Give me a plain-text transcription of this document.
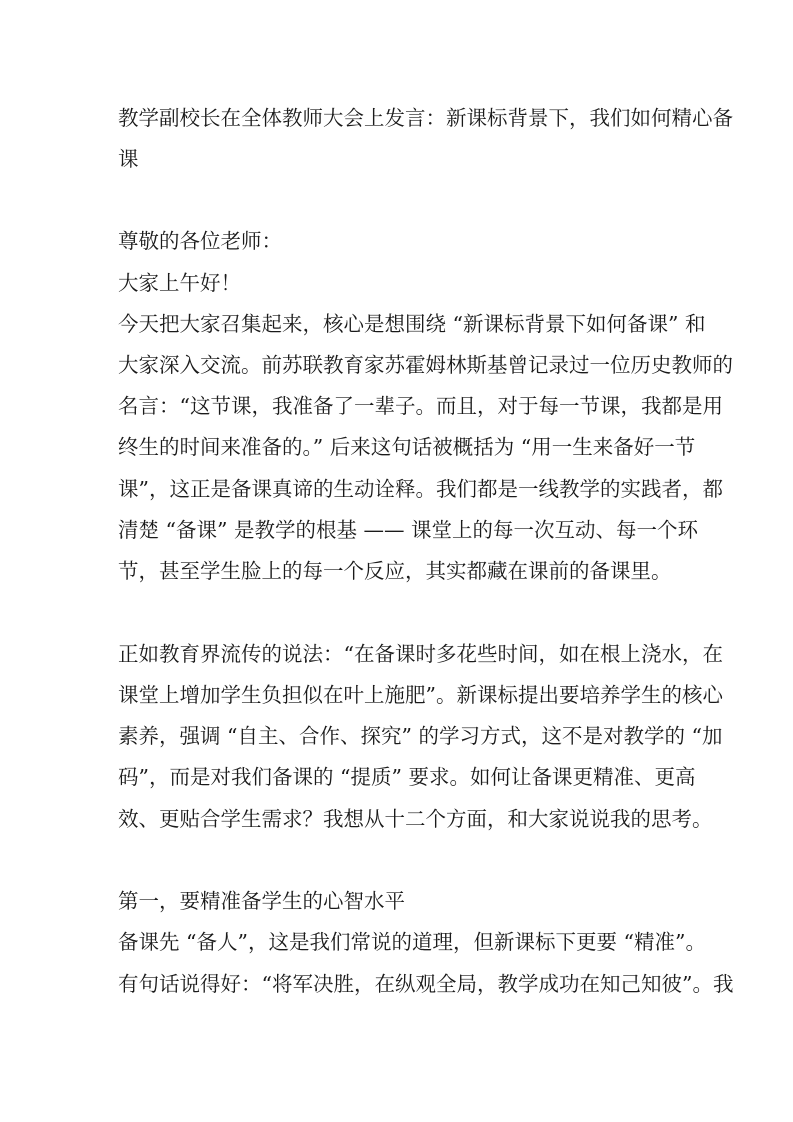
教学副校长在全体教师大会上发言：新课标背景下，我们如何精心备
课
尊敬的各位老师：
大家上午好！
今天把大家召集起来，核心是想围绕 “新课标背景下如何备课” 和
大家深入交流。前苏联教育家苏霍姆林斯基曾记录过一位历史教师的
名言：“这节课，我准备了一辈子。而且，对于每一节课，我都是用
终生的时间来准备的。” 后来这句话被概括为 “用一生来备好一节
课”，这正是备课真谛的生动诠释。我们都是一线教学的实践者，都
清楚 “备课” 是教学的根基 —— 课堂上的每一次互动、每一个环
节，甚至学生脸上的每一个反应，其实都藏在课前的备课里。
正如教育界流传的说法：“在备课时多花些时间，如在根上浇水，在
课堂上增加学生负担似在叶上施肥”。新课标提出要培养学生的核心
素养，强调 “自主、合作、探究” 的学习方式，这不是对教学的 “加
码”，而是对我们备课的 “提质” 要求。如何让备课更精准、更高
效、更贴合学生需求？我想从十二个方面，和大家说说我的思考。
第一，要精准备学生的心智水平
备课先 “备人”，这是我们常说的道理，但新课标下更要 “精准”。
有句话说得好：“将军决胜，在纵观全局，教学成功在知己知彼”。我
